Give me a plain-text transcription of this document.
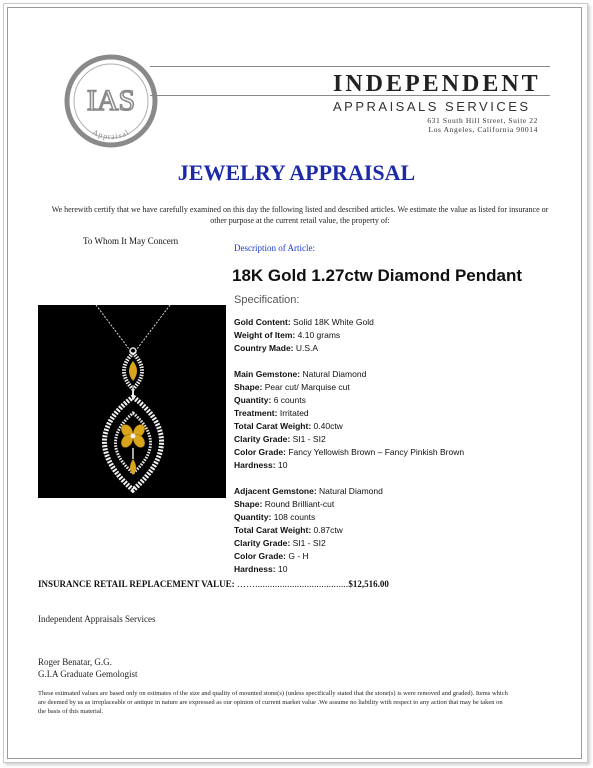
IAS
Appraisal
INDEPENDENT
APPRAISALS SERVICES
631 South Hill Street, Suite 22
Los Angeles, California 90014
JEWELRY APPRAISAL
We herewith certify that we have carefully examined on this day the following listed and described articles. We estimate the value as listed for insurance or other purpose at the current retail value, the property of:
To Whom It May Concern
Description of Article:
18K Gold 1.27ctw Diamond Pendant
Specification:
Gold Content: Solid 18K White Gold
Weight of Item: 4.10 grams
Country Made: U.S.A
Main Gemstone: Natural Diamond
Shape: Pear cut/ Marquise cut
Quantity: 6 counts
Treatment: Irritated
Total Carat Weight: 0.40ctw
Clarity Grade: SI1 - SI2
Color Grade: Fancy Yellowish Brown – Fancy Pinkish Brown
Hardness: 10
Adjacent Gemstone: Natural Diamond
Shape: Round Brilliant-cut
Quantity: 108 counts
Total Carat Weight: 0.87ctw
Clarity Grade: SI1 - SI2
Color Grade: G - H
Hardness: 10
INSURANCE RETAIL REPLACEMENT VALUE: ……......................................$12,516.00
Independent Appraisals Services
Roger Benatar, G.G.
G.I.A Graduate Gemologist
These estimated values are based only on estimates of the size and quality of mounted stone(s) (unless specifically stated that the stone(s) is were removed and graded). Items which are deemed by us as irreplaceable or antique in nature are expressed as our opinion of current market value .We assume no liability with respect to any action that may be taken on the basis of this material.
